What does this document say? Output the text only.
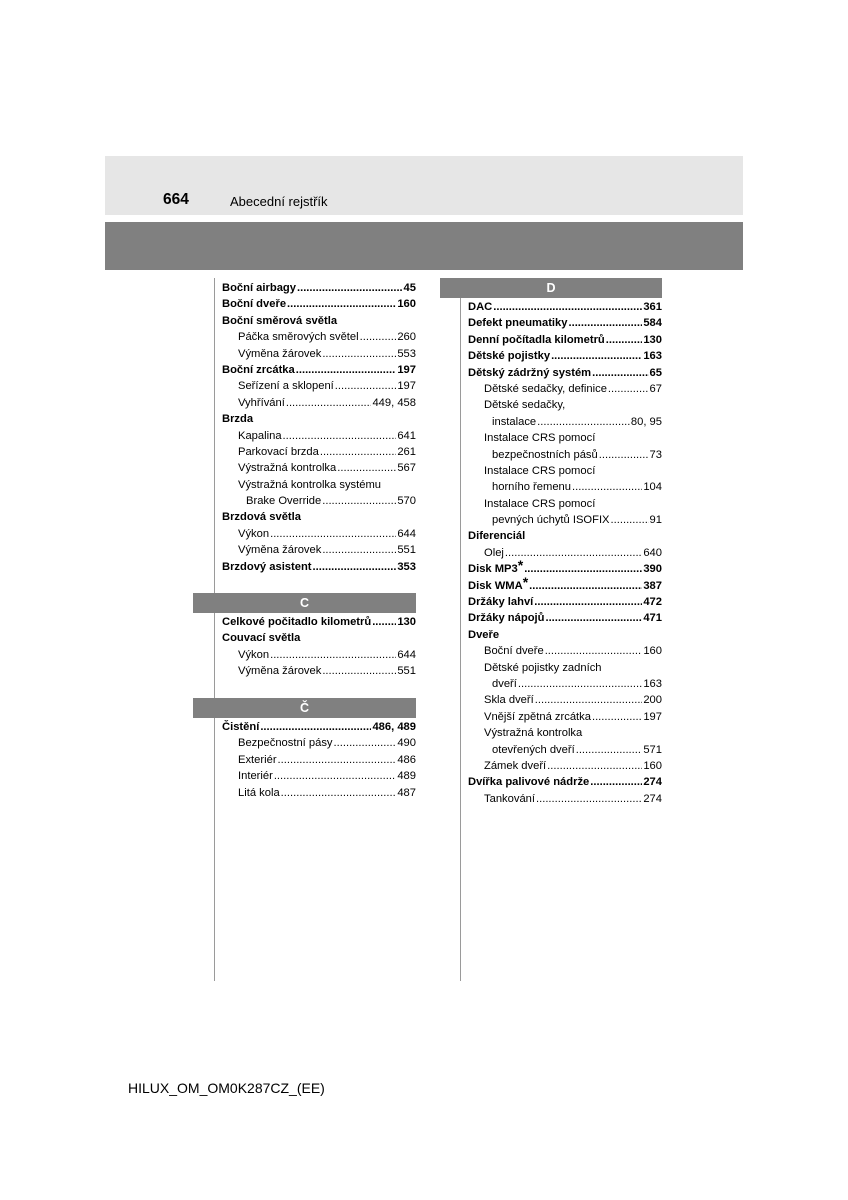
664	Abecední rejstřík
Boční airbagy .....	45
Boční dveře .....	160
Boční směrová světla
Páčka směrových světel .....	260
Výměna žárovek .....	553
Boční zrcátka .....	197
Seřízení a sklopení .....	197
Vyhřívání .....	449, 458
Brzda
Kapalina .....	641
Parkovací brzda .....	261
Výstražná kontrolka .....	567
Výstražná kontrolka systému
Brake Override .....	570
Brzdová světla
Výkon .....	644
Výměna žárovek .....	551
Brzdový asistent .....	353
C
Celkové počitadlo kilometrů ..... 130
Couvací světla
Výkon .....	644
Výměna žárovek .....	551
Č
Čistění .....	486, 489
Bezpečnostní pásy .....	490
Exteriér .....	486
Interiér .....	489
Litá kola .....	487
D
DAC .....	361
Defekt pneumatiky .....	584
Denní počítadla kilometrů .....	130
Dětské pojistky .....	163
Dětský zádržný systém .....	65
Dětské sedačky, definice .....	67
Dětské sedačky,
instalace .....	80, 95
Instalace CRS pomocí
bezpečnostních pásů .....	73
Instalace CRS pomocí
horního řemenu .....	104
Instalace CRS pomocí
pevných úchytů ISOFIX .....	91
Diferenciál
Olej .....	640
Disk MP3* .....	390
Disk WMA* .....	387
Držáky lahví .....	472
Držáky nápojů .....	471
Dveře
Boční dveře .....	160
Dětské pojistky zadních
dveří .....	163
Skla dveří .....	200
Vnější zpětná zrcátka .....	197
Výstražná kontrolka
otevřených dveří .....	571
Zámek dveří .....	160
Dvířka palivové nádrže .....	274
Tankování .....	274
HILUX_OM_OM0K287CZ_(EE)
